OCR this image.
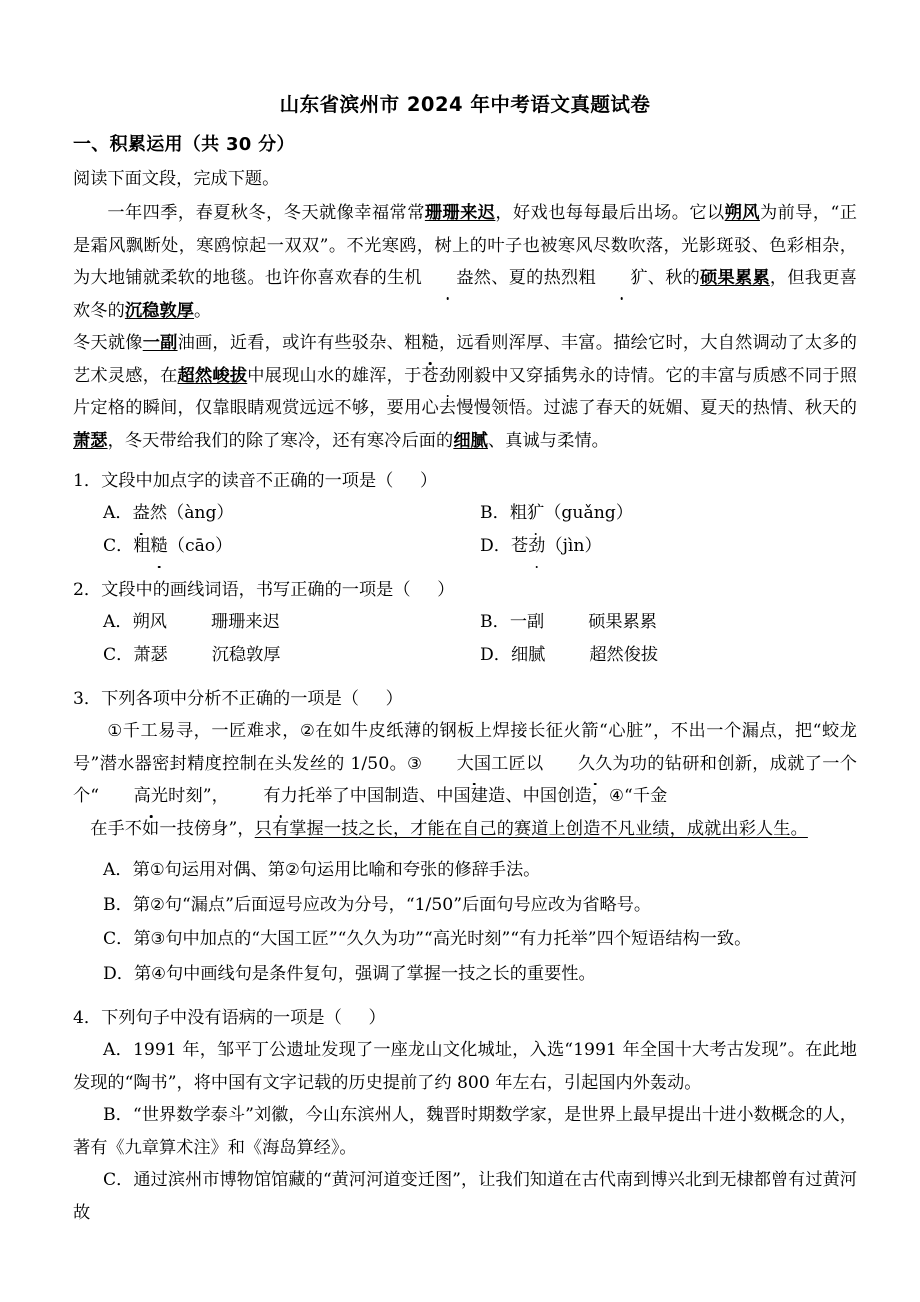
山东省滨州市 2024 年中考语文真题试卷
一、积累运用（共 30 分）
阅读下面文段，完成下题。

一年四季，春夏秋冬，冬天就像幸福常常珊珊来迟，好戏也每每最后出场。它以朔风为前导，“正是霜风飘断处，寒鸥惊起一双双”。不光寒鸥，树上的叶子也被寒风尽数吹落，光影斑驳、色彩相杂，为大地铺就柔软的地毯。也许你喜欢春的生机 盎然、夏的热烈粗 犷、秋的硕果累累，但我更喜欢冬的沉稳敦厚。

冬天就像一副油画，近看，或许有些驳杂、粗糙，远看则浑厚、丰富。描绘它时，大自然调动了太多的艺术灵感，在超然峻拔中展现山水的雄浑，于苍劲刚毅中又穿插隽永的诗情。它的丰富与质感不同于照片定格的瞬间，仅靠眼睛观赏远远不够，要用心去慢慢领悟。过滤了春天的妩媚、夏天的热情、秋天的萧瑟，冬天带给我们的除了寒冷，还有寒冷后面的细腻、真诚与柔情。

1．文段中加点字的读音不正确的一项是（ ）
A． 盎然（àng）	B． 粗犷（guǎng）
C． 粗糙（cāo）	D． 苍劲（jìn）
2．文段中的画线词语，书写正确的一项是（ ）
A． 朔风	珊珊来迟	B． 一副	硕果累累
C． 萧瑟	沉稳敦厚	D． 细腻	超然俊拔
3．下列各项中分析不正确的一项是（ ）

①千工易寻，一匠难求，②在如牛皮纸薄的钢板上焊接长征火箭“心脏”，不出一个漏点，把“蛟龙号”潜水器密封精度控制在头发丝的 1/50。③ 大国工匠以 久久为功的钻研和创新，成就了一个个“ 高光时刻”， 有力托举了中国制造、中国建造、中国创造，④“千金

在手不如一技傍身”，只有掌握一技之长，才能在自己的赛道上创造不凡业绩，成就出彩人生。

A．第①句运用对偶、第②句运用比喻和夸张的修辞手法。
B．第②句“漏点”后面逗号应改为分号，“1/50”后面句号应改为省略号。
C．第③句中加点的“大国工匠”“久久为功”“高光时刻”“有力托举”四个短语结构一致。
D．第④句中画线句是条件复句，强调了掌握一技之长的重要性。
4．下列句子中没有语病的一项是（ ）

A．1991 年，邹平丁公遗址发现了一座龙山文化城址，入选“1991 年全国十大考古发现”。在此地发现的“陶书”，将中国有文字记载的历史提前了约 800 年左右，引起国内外轰动。

B．“世界数学泰斗”刘徽，今山东滨州人，魏晋时期数学家，是世界上最早提出十进小数概念的人，著有《九章算术注》和《海岛算经》。

C．通过滨州市博物馆馆藏的“黄河河道变迁图”，让我们知道在古代南到博兴北到无棣都曾有过黄河故
